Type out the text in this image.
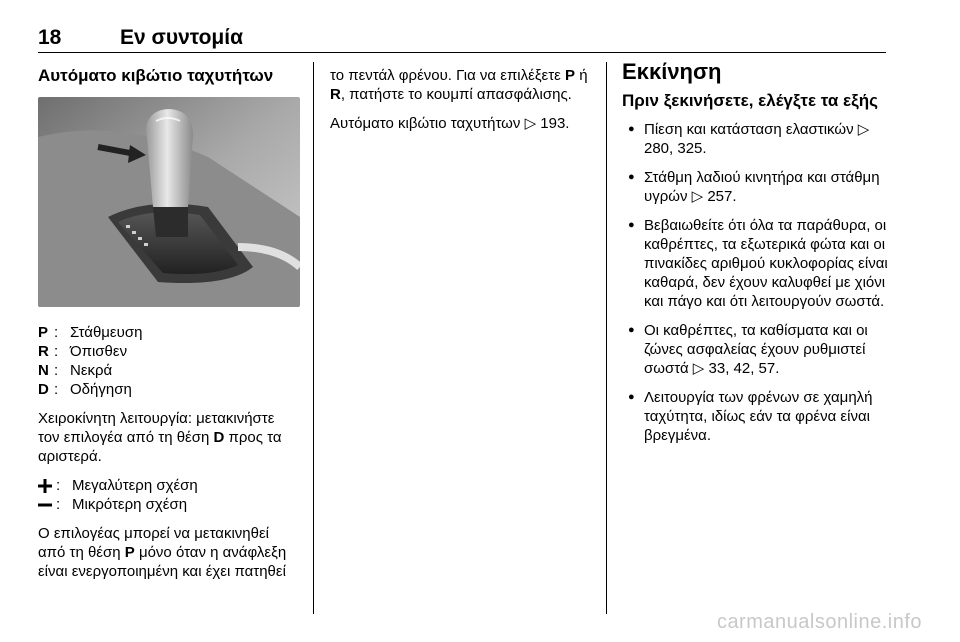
18	Εν συντομία
Αυτόματο κιβώτιο ταχυτήτων
P : Στάθμευση
R : Όπισθεν
N : Νεκρά
D : Οδήγηση

Χειροκίνητη λειτουργία: μετακινήστε τον επιλογέα από τη θέση D προς τα αριστερά.

: Μεγαλύτερη σχέση
: Μικρότερη σχέση

Ο επιλογέας μπορεί να μετακινηθεί από τη θέση P μόνο όταν η ανάφλεξη είναι ενεργοποιημένη και έχει πατηθεί

το πεντάλ φρένου. Για να επιλέξετε P ή R, πατήστε το κουμπί απασφάλισης.

Αυτόματο κιβώτιο ταχυτήτων ▷ 193.

Εκκίνηση
Πριν ξεκινήσετε, ελέγξτε τα εξής
● Πίεση και κατάσταση ελαστικών ▷ 280, 325.
● Στάθμη λαδιού κινητήρα και στάθμη υγρών ▷ 257.
● Βεβαιωθείτε ότι όλα τα παράθυρα, οι καθρέπτες, τα εξωτερικά φώτα και οι πινακίδες αριθμού κυκλοφορίας είναι καθαρά, δεν έχουν καλυφθεί με χιόνι και πάγο και ότι λειτουργούν σωστά.
● Οι καθρέπτες, τα καθίσματα και οι ζώνες ασφαλείας έχουν ρυθμιστεί σωστά ▷ 33, 42, 57.
● Λειτουργία των φρένων σε χαμηλή ταχύτητα, ιδίως εάν τα φρένα είναι βρεγμένα.
carmanualsonline.info
